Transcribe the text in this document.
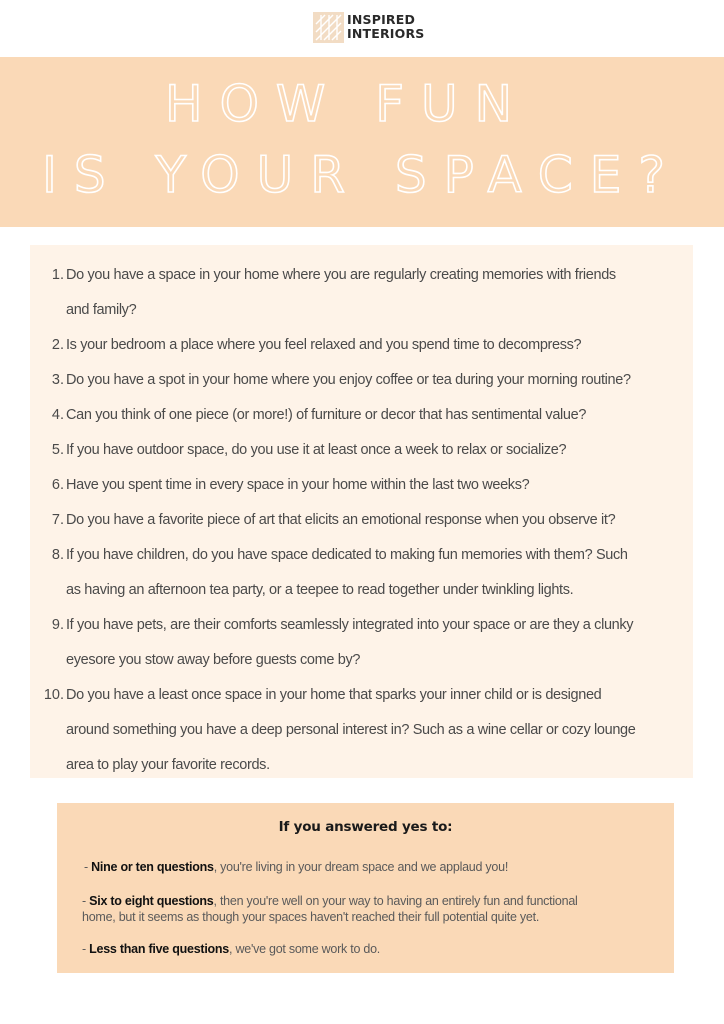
INSPIRED
INTERIORS
HOW FUN
IS YOUR SPACE?
1. Do you have a space in your home where you are regularly creating memories with friends
and family?
2. Is your bedroom a place where you feel relaxed and you spend time to decompress?
3. Do you have a spot in your home where you enjoy coffee or tea during your morning routine?
4. Can you think of one piece (or more!) of furniture or decor that has sentimental value?
5. If you have outdoor space, do you use it at least once a week to relax or socialize?
6. Have you spent time in every space in your home within the last two weeks?
7. Do you have a favorite piece of art that elicits an emotional response when you observe it?
8. If you have children, do you have space dedicated to making fun memories with them? Such
as having an afternoon tea party, or a teepee to read together under twinkling lights.
9. If you have pets, are their comforts seamlessly integrated into your space or are they a clunky
eyesore you stow away before guests come by?
10. Do you have a least once space in your home that sparks your inner child or is designed
around something you have a deep personal interest in? Such as a wine cellar or cozy lounge
area to play your favorite records.
If you answered yes to:
- Nine or ten questions, you're living in your dream space and we applaud you!
- Six to eight questions, then you're well on your way to having an entirely fun and functional
home, but it seems as though your spaces haven't reached their full potential quite yet.
- Less than five questions, we've got some work to do.
